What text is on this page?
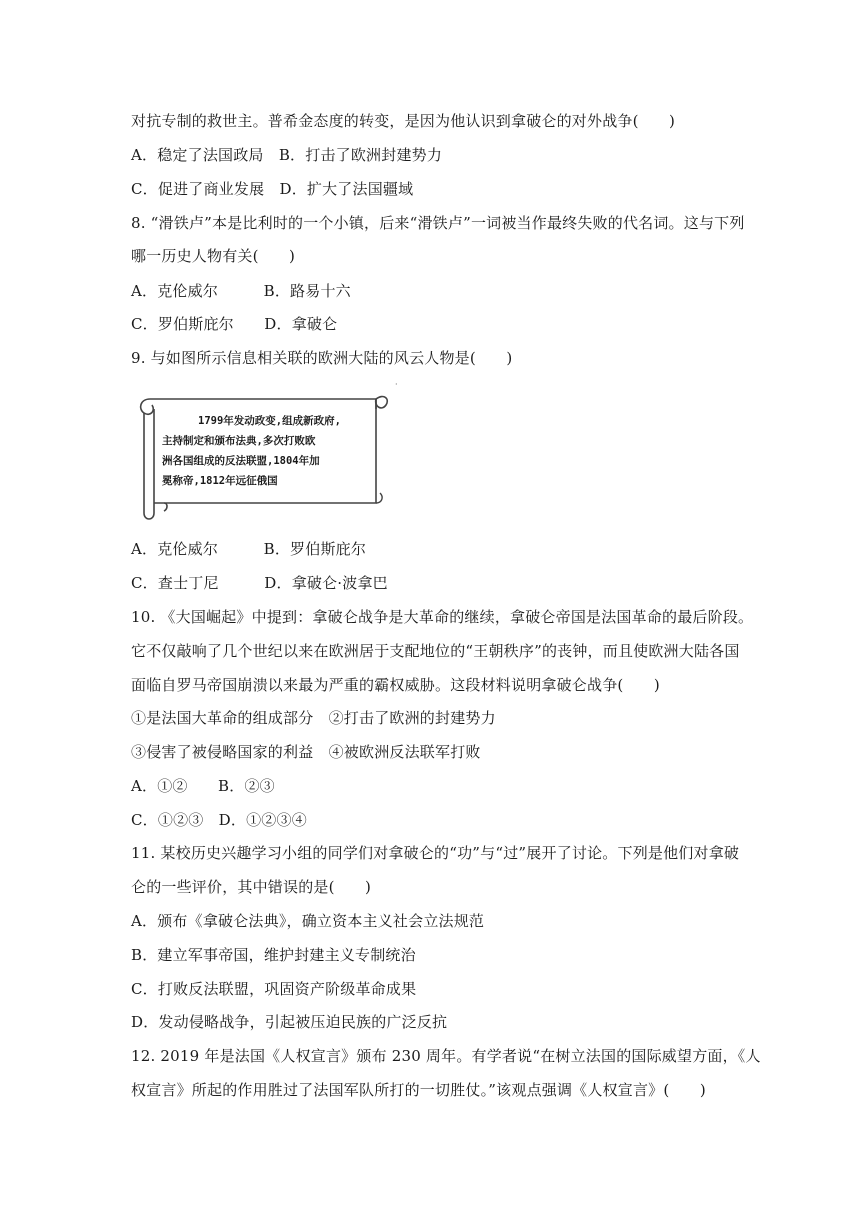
对抗专制的救世主。普希金态度的转变，是因为他认识到拿破仑的对外战争(　　)
A．稳定了法国政局　B．打击了欧洲封建势力
C．促进了商业发展　D．扩大了法国疆域
8. “滑铁卢”本是比利时的一个小镇，后来“滑铁卢”一词被当作最终失败的代名词。这与下列
哪一历史人物有关(　　)
A．克伦威尔　　　B．路易十六
C．罗伯斯庇尔　　D．拿破仑
9. 与如图所示信息相关联的欧洲大陆的风云人物是(　　)
·
1799年发动政变,组成新政府,
主持制定和颁布法典,多次打败欧
洲各国组成的反法联盟,1804年加
冕称帝,1812年远征俄国
A．克伦威尔　　　B．罗伯斯庇尔
C．查士丁尼　　　D．拿破仑·波拿巴
10. 《大国崛起》中提到：拿破仑战争是大革命的继续，拿破仑帝国是法国革命的最后阶段。
它不仅敲响了几个世纪以来在欧洲居于支配地位的“王朝秩序”的丧钟，而且使欧洲大陆各国
面临自罗马帝国崩溃以来最为严重的霸权威胁。这段材料说明拿破仑战争(　　)
①是法国大革命的组成部分　②打击了欧洲的封建势力
③侵害了被侵略国家的利益　④被欧洲反法联军打败
A．①②　　B．②③
C．①②③　D．①②③④
11. 某校历史兴趣学习小组的同学们对拿破仑的“功”与“过”展开了讨论。下列是他们对拿破
仑的一些评价，其中错误的是(　　)
A．颁布《拿破仑法典》，确立资本主义社会立法规范
B．建立军事帝国，维护封建主义专制统治
C．打败反法联盟，巩固资产阶级革命成果
D．发动侵略战争，引起被压迫民族的广泛反抗
12. 2019 年是法国《人权宣言》颁布 230 周年。有学者说“在树立法国的国际威望方面，《人
权宣言》所起的作用胜过了法国军队所打的一切胜仗。”该观点强调《人权宣言》(　　)
